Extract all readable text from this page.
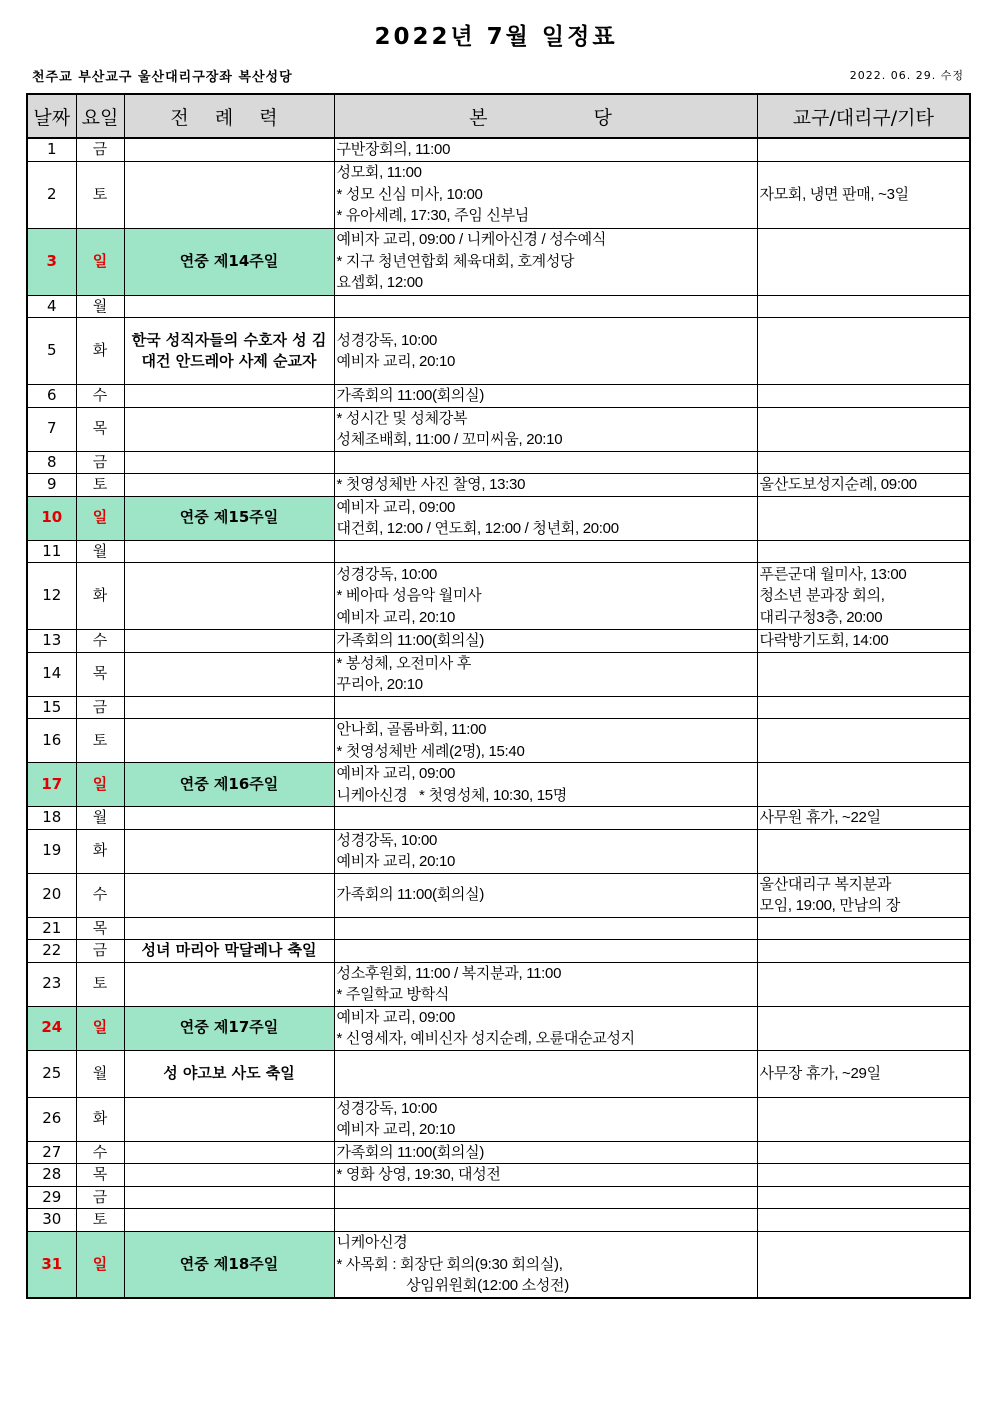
2022년 7월 일정표
천주교 부산교구 울산대리구장좌 복산성당	2022. 06. 29. 수정
날짜	요일	전 례 력	본 당	교구/대리구/기타
1	금		구반장회의, 11:00	

2	토		성모회, 11:00
* 성모 신심 미사, 10:00
* 유아세례, 17:30, 주임 신부님	자모회, 냉면 판매, ~3일

3	일	연중 제14주일	예비자 교리, 09:00 / 니케아신경 / 성수예식
* 지구 청년연합회 체육대회, 호계성당
요셉회, 12:00	

4	월			
5	화	한국 성직자들의 수호자 성 김대건 안드레아 사제 순교자	성경강독, 10:00
예비자 교리, 20:10	

6	수		가족회의 11:00(회의실)	

7	목		* 성시간 및 성체강복
성체조배회, 11:00 / 꼬미씨움, 20:10	

8	금			
9	토		* 첫영성체반 사진 찰영, 13:30	울산도보성지순례, 09:00

10	일	연중 제15주일	예비자 교리, 09:00
대건회, 12:00 / 연도회, 12:00 / 청년회, 20:00	

11	월			
12	화		성경강독, 10:00
* 베아따 성음악 월미사
예비자 교리, 20:10	푸른군대 월미사, 13:00
청소년 분과장 회의,
대리구청3층, 20:00

13	수		가족회의 11:00(회의실)	다락방기도회, 14:00

14	목		* 봉성체, 오전미사 후
꾸리아, 20:10	

15	금			
16	토		안나회, 골롬바회, 11:00
* 첫영성체반 세례(2명), 15:40	

17	일	연중 제16주일	예비자 교리, 09:00
니케아신경   * 첫영성체, 10:30, 15명	

18	월			사무원 휴가, ~22일

19	화		성경강독, 10:00
예비자 교리, 20:10	

20	수		가족회의 11:00(회의실)	울산대리구 복지분과
모임, 19:00, 만남의 장

21	목			
22	금	성녀 마리아 막달레나 축일		
23	토		성소후원회, 11:00 / 복지분과, 11:00
* 주일학교 방학식	

24	일	연중 제17주일	예비자 교리, 09:00
* 신영세자, 예비신자 성지순례, 오륜대순교성지	

25	월	성 야고보 사도 축일		사무장 휴가, ~29일

26	화		성경강독, 10:00
예비자 교리, 20:10	

27	수		가족회의 11:00(회의실)	

28	목		* 영화 상영, 19:30, 대성전	

29	금			
30	토			
31	일	연중 제18주일	니케아신경
* 사목회 : 회장단 회의(9:30 회의실),
상임위원회(12:00 소성전)	
